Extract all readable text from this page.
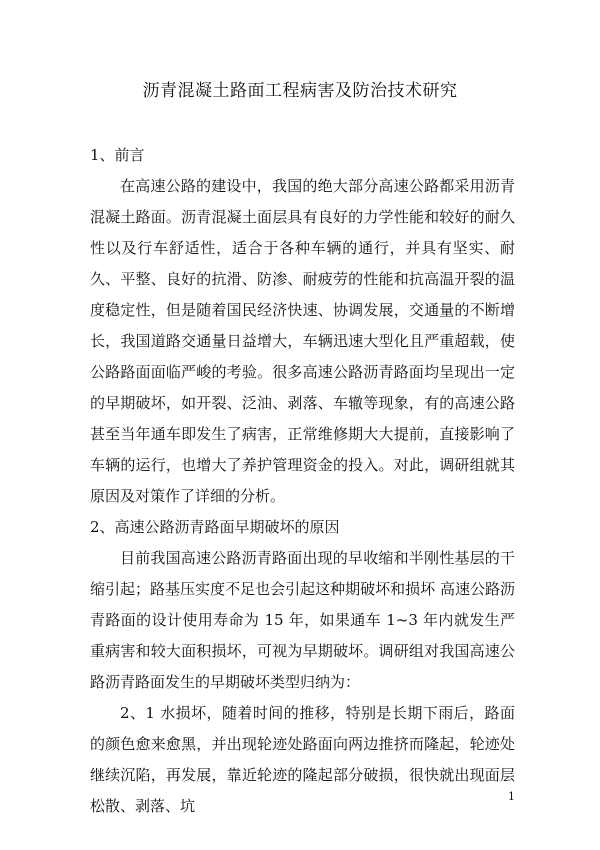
沥青混凝土路面工程病害及防治技术研究

1、前言

在高速公路的建设中，我国的绝大部分高速公路都采用沥青混凝土路面。沥青混凝土面层具有良好的力学性能和较好的耐久性以及行车舒适性，适合于各种车辆的通行，并具有坚实、耐久、平整、良好的抗滑、防渗、耐疲劳的性能和抗高温开裂的温度稳定性，但是随着国民经济快速、协调发展，交通量的不断增长，我国道路交通量日益增大，车辆迅速大型化且严重超载，使公路路面面临严峻的考验。很多高速公路沥青路面均呈现出一定的早期破坏，如开裂、泛油、剥落、车辙等现象，有的高速公路甚至当年通车即发生了病害，正常维修期大大提前，直接影响了车辆的运行，也增大了养护管理资金的投入。对此，调研组就其原因及对策作了详细的分析。

2、高速公路沥青路面早期破坏的原因

目前我国高速公路沥青路面出现的早收缩和半刚性基层的干缩引起；路基压实度不足也会引起这种期破坏和损坏 高速公路沥青路面的设计使用寿命为 15 年，如果通车 1~3 年内就发生严重病害和较大面积损坏，可视为早期破坏。调研组对我国高速公路沥青路面发生的早期破坏类型归纳为：

2、1 水损坏，随着时间的推移，特别是长期下雨后，路面的颜色愈来愈黑，并出现轮迹处路面向两边推挤而隆起，轮迹处继续沉陷，再发展，靠近轮迹的隆起部分破损，很快就出现面层松散、剥落、坑

1
